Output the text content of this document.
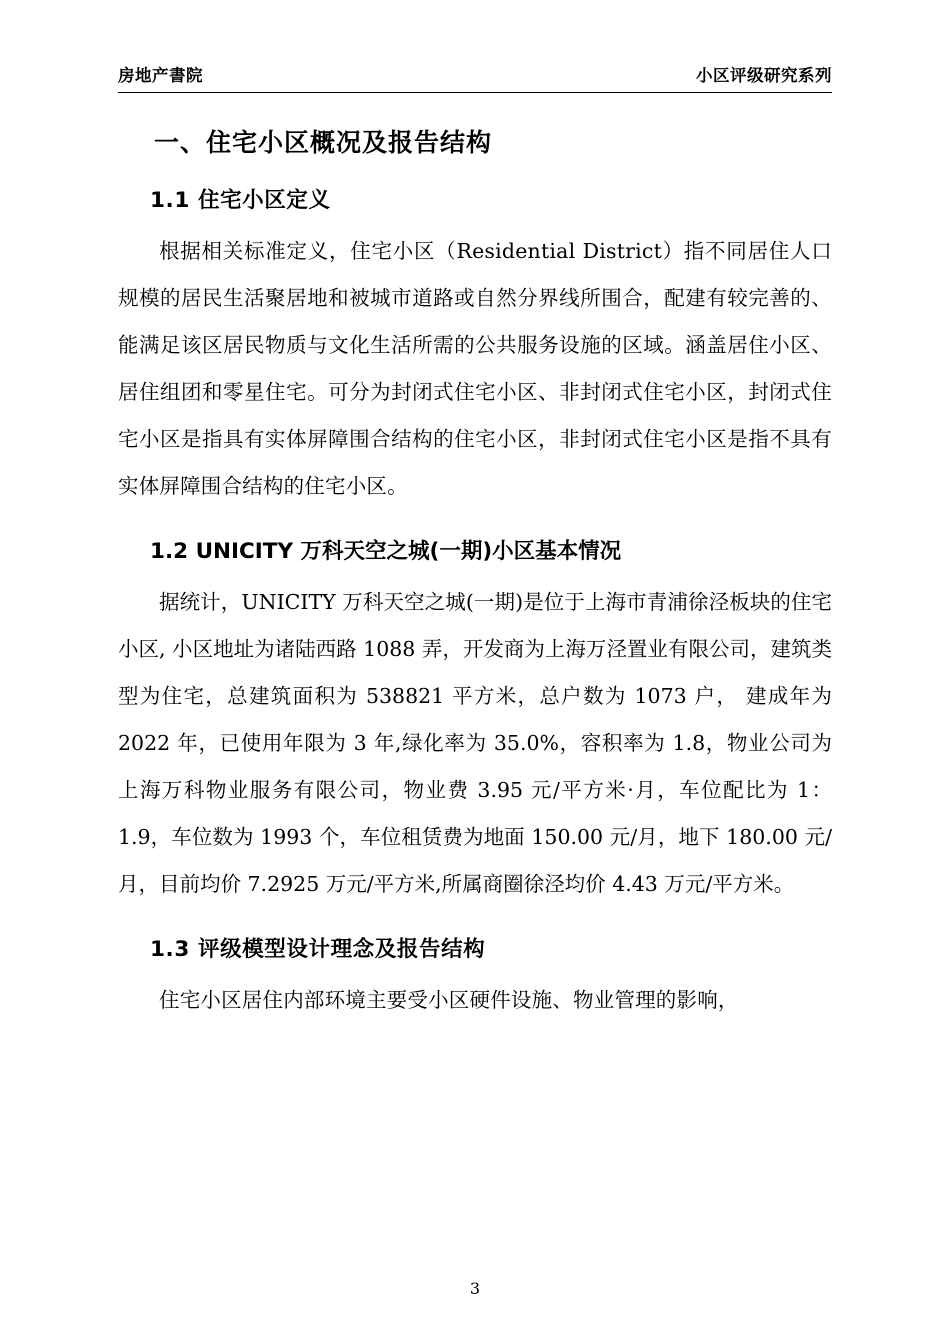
房地产書院	小区评级研究系列
一、住宅小区概况及报告结构
1.1 住宅小区定义

根据相关标准定义，住宅小区（Residential District）指不同居住人口规模的居民生活聚居地和被城市道路或自然分界线所围合，配建有较完善的、能满足该区居民物质与文化生活所需的公共服务设施的区域。涵盖居住小区、居住组团和零星住宅。可分为封闭式住宅小区、非封闭式住宅小区，封闭式住宅小区是指具有实体屏障围合结构的住宅小区，非封闭式住宅小区是指不具有实体屏障围合结构的住宅小区。

1.2 UNICITY 万科天空之城(一期)小区基本情况

据统计，UNICITY 万科天空之城(一期)是位于上海市青浦徐泾板块的住宅小区, 小区地址为诸陆西路 1088 弄，开发商为上海万泾置业有限公司，建筑类型为住宅，总建筑面积为 538821 平方米，总户数为 1073 户， 建成年为 2022 年，已使用年限为 3 年,绿化率为 35.0%，容积率为 1.8，物业公司为上海万科物业服务有限公司，物业费 3.95 元/平方米·月，车位配比为 1：1.9，车位数为 1993 个，车位租赁费为地面 150.00 元/月，地下 180.00 元/月，目前均价 7.2925 万元/平方米,所属商圈徐泾均价 4.43 万元/平方米。

1.3 评级模型设计理念及报告结构

住宅小区居住内部环境主要受小区硬件设施、物业管理的影响，

3
